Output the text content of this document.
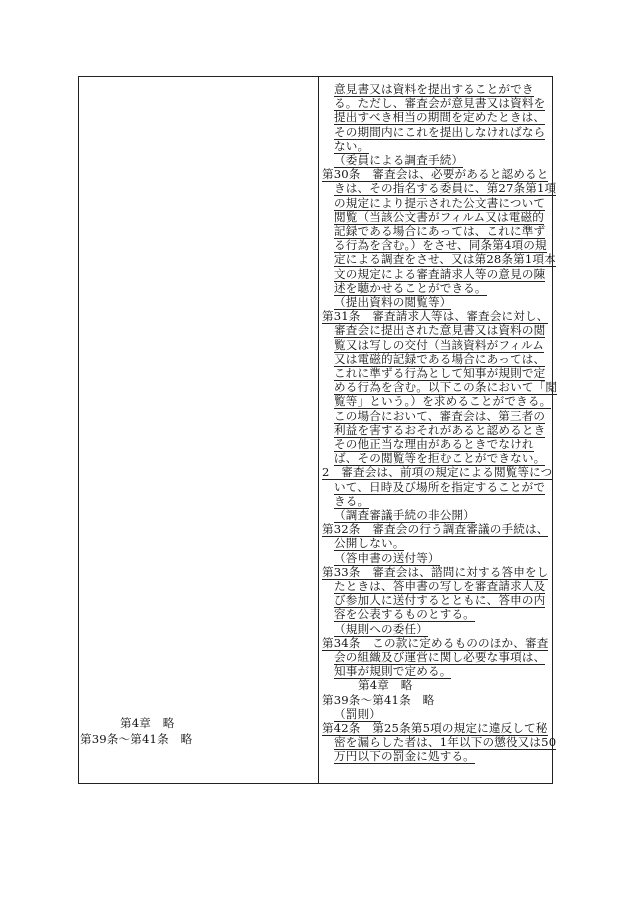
第4章　略
第39条〜第41条　略
意見書又は資料を提出することができ
る。ただし、審査会が意見書又は資料を
提出すべき相当の期間を定めたときは、
その期間内にこれを提出しなければなら
ない。
（委員による調査手続）
第30条　審査会は、必要があると認めると
きは、その指名する委員に、第27条第1項
の規定により提示された公文書について
閲覧（当該公文書がフィルム又は電磁的
記録である場合にあっては、これに準ず
る行為を含む。）をさせ、同条第4項の規
定による調査をさせ、又は第28条第1項本
文の規定による審査請求人等の意見の陳
述を聴かせることができる。
（提出資料の閲覧等）
第31条　審査請求人等は、審査会に対し、
審査会に提出された意見書又は資料の閲
覧又は写しの交付（当該資料がフィルム
又は電磁的記録である場合にあっては、
これに準ずる行為として知事が規則で定
める行為を含む。以下この条において「閲
覧等」という。）を求めることができる。
この場合において、審査会は、第三者の
利益を害するおそれがあると認めるとき
その他正当な理由があるときでなけれ
ば、その閲覧等を拒むことができない。
2　審査会は、前項の規定による閲覧等につ
いて、日時及び場所を指定することがで
きる。
（調査審議手続の非公開）
第32条　審査会の行う調査審議の手続は、
公開しない。
（答申書の送付等）
第33条　審査会は、諮問に対する答申をし
たときは、答申書の写しを審査請求人及
び参加人に送付するとともに、答申の内
容を公表するものとする。
（規則への委任）
第34条　この款に定めるもののほか、審査
会の組織及び運営に関し必要な事項は、
知事が規則で定める。
第4章　略
第39条〜第41条　略
（罰則）
第42条　第25条第5項の規定に違反して秘
密を漏らした者は、1年以下の懲役又は50
万円以下の罰金に処する。
